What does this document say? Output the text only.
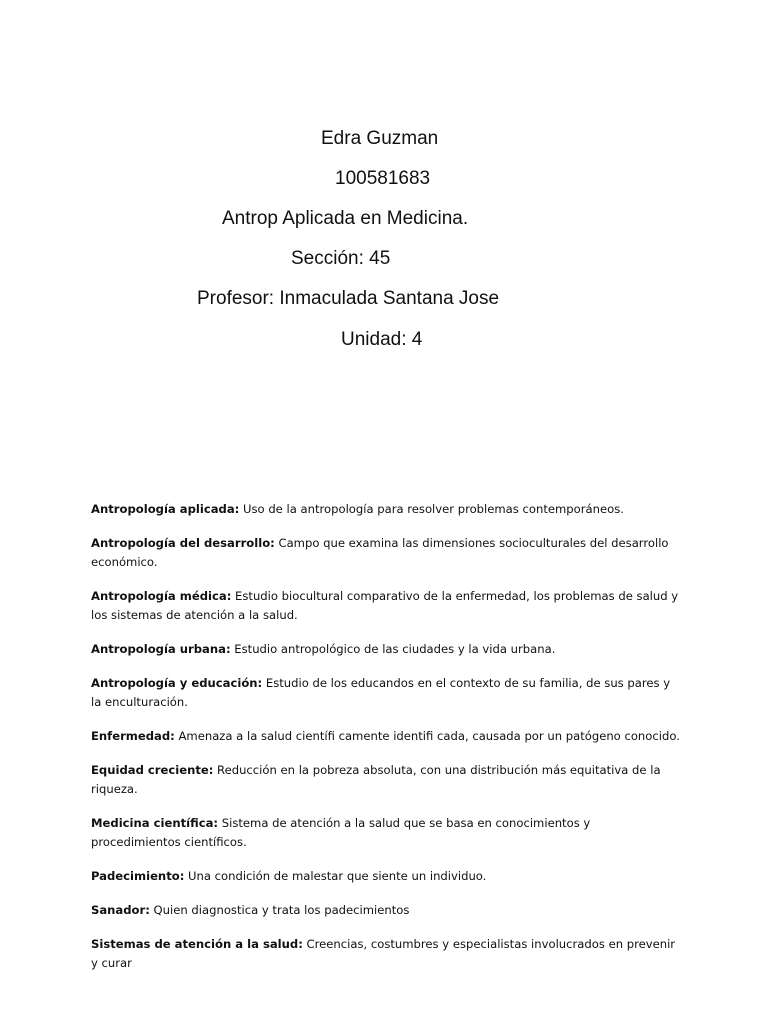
Edra Guzman
100581683
Antrop Aplicada en Medicina.
Sección: 45
Profesor: Inmaculada Santana Jose
Unidad: 4

Antropología aplicada: Uso de la antropología para resolver problemas contemporáneos.

Antropología del desarrollo: Campo que examina las dimensiones socioculturales del desarrollo económico.

Antropología médica: Estudio biocultural comparativo de la enfermedad, los problemas de salud y los sistemas de atención a la salud.

Antropología urbana: Estudio antropológico de las ciudades y la vida urbana.

Antropología y educación: Estudio de los educandos en el contexto de su familia, de sus pares y la enculturación.

Enfermedad: Amenaza a la salud científi camente identifi cada, causada por un patógeno conocido.

Equidad creciente: Reducción en la pobreza absoluta, con una distribución más equitativa de la riqueza.

Medicina científica: Sistema de atención a la salud que se basa en conocimientos y procedimientos científicos.

Padecimiento: Una condición de malestar que siente un individuo.

Sanador: Quien diagnostica y trata los padecimientos

Sistemas de atención a la salud: Creencias, costumbres y especialistas involucrados en prevenir y curar
